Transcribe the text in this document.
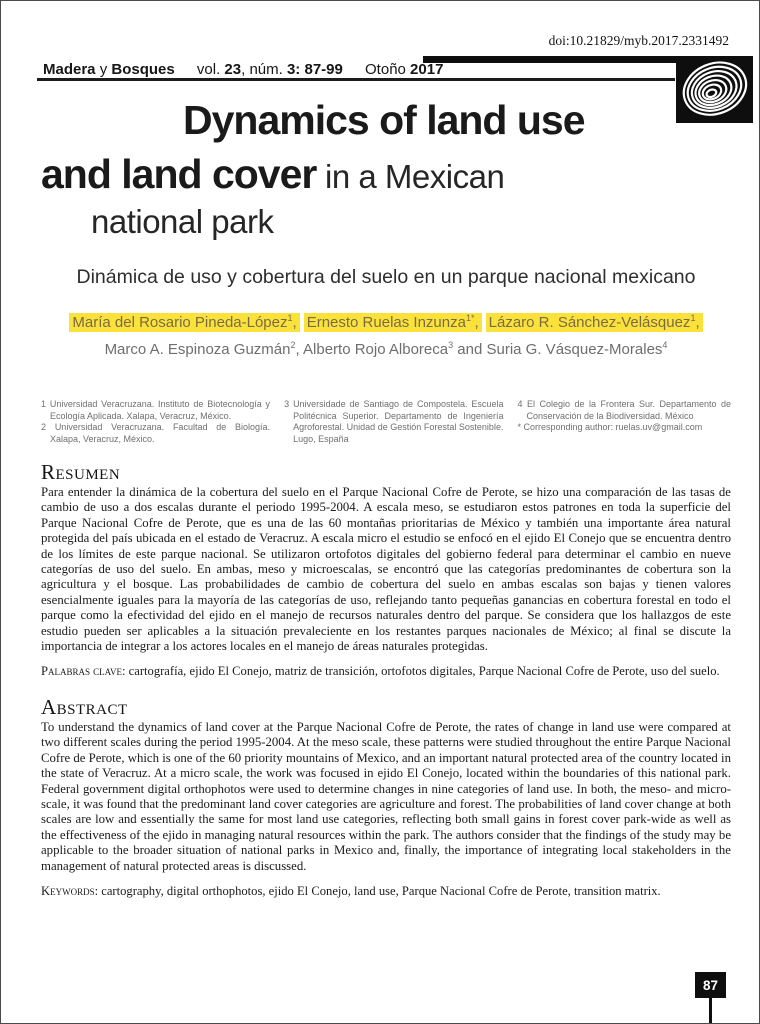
doi:10.21829/myb.2017.2331492
Madera y Bosques vol. 23, núm. 3: 87-99 Otoño 2017
Dynamics of land use
and land cover in a Mexican
national park
Dinámica de uso y cobertura del suelo en un parque nacional mexicano
María del Rosario Pineda-López$^1$, Ernesto Ruelas Inzunza$^{1*}$, Lázaro R. Sánchez-Velásquez$^1$,
Marco A. Espinoza Guzmán$^2$, Alberto Rojo Alboreca$^3$ and Suria G. Vásquez-Morales$^4$

1 Universidad Veracruzana. Instituto de Biotecnología y Ecología Aplicada. Xalapa, Veracruz, México.

2 Universidad Veracruzana. Facultad de Biología. Xalapa, Veracruz, México.

3 Universidade de Santiago de Compostela. Escuela Politécnica Superior. Departamento de Ingeniería Agroforestal. Unidad de Gestión Forestal Sostenible. Lugo, España

4 El Colegio de la Frontera Sur. Departamento de Conservación de la Biodiversidad. México

* Corresponding author: ruelas.uv@gmail.com

Resumen

Para entender la dinámica de la cobertura del suelo en el Parque Nacional Cofre de Perote, se hizo una comparación de las tasas de cambio de uso a dos escalas durante el periodo 1995-2004. A escala meso, se estudiaron estos patrones en toda la superficie del Parque Nacional Cofre de Perote, que es una de las 60 montañas prioritarias de México y también una importante área natural protegida del país ubicada en el estado de Veracruz. A escala micro el estudio se enfocó en el ejido El Conejo que se encuentra dentro de los límites de este parque nacional. Se utilizaron ortofotos digitales del gobierno federal para determinar el cambio en nueve categorías de uso del suelo. En ambas, meso y microescalas, se encontró que las categorías predominantes de cobertura son la agricultura y el bosque. Las probabilidades de cambio de cobertura del suelo en ambas escalas son bajas y tienen valores esencialmente iguales para la mayoría de las categorías de uso, reflejando tanto pequeñas ganancias en cobertura forestal en todo el parque como la efectividad del ejido en el manejo de recursos naturales dentro del parque. Se considera que los hallazgos de este estudio pueden ser aplicables a la situación prevaleciente en los restantes parques nacionales de México; al final se discute la importancia de integrar a los actores locales en el manejo de áreas naturales protegidas.

Palabras clave: cartografía, ejido El Conejo, matriz de transición, ortofotos digitales, Parque Nacional Cofre de Perote, uso del suelo.

Abstract

To understand the dynamics of land cover at the Parque Nacional Cofre de Perote, the rates of change in land use were compared at two different scales during the period 1995-2004. At the meso scale, these patterns were studied throughout the entire Parque Nacional Cofre de Perote, which is one of the 60 priority mountains of Mexico, and an important natural protected area of the country located in the state of Veracruz. At a micro scale, the work was focused in ejido El Conejo, located within the boundaries of this national park. Federal government digital orthophotos were used to determine changes in nine categories of land use. In both, the meso- and micro-scale, it was found that the predominant land cover categories are agriculture and forest. The probabilities of land cover change at both scales are low and essentially the same for most land use categories, reflecting both small gains in forest cover park-wide as well as the effectiveness of the ejido in managing natural resources within the park. The authors consider that the findings of the study may be applicable to the broader situation of national parks in Mexico and, finally, the importance of integrating local stakeholders in the management of natural protected areas is discussed.

Keywords: cartography, digital orthophotos, ejido El Conejo, land use, Parque Nacional Cofre de Perote, transition matrix.

87
